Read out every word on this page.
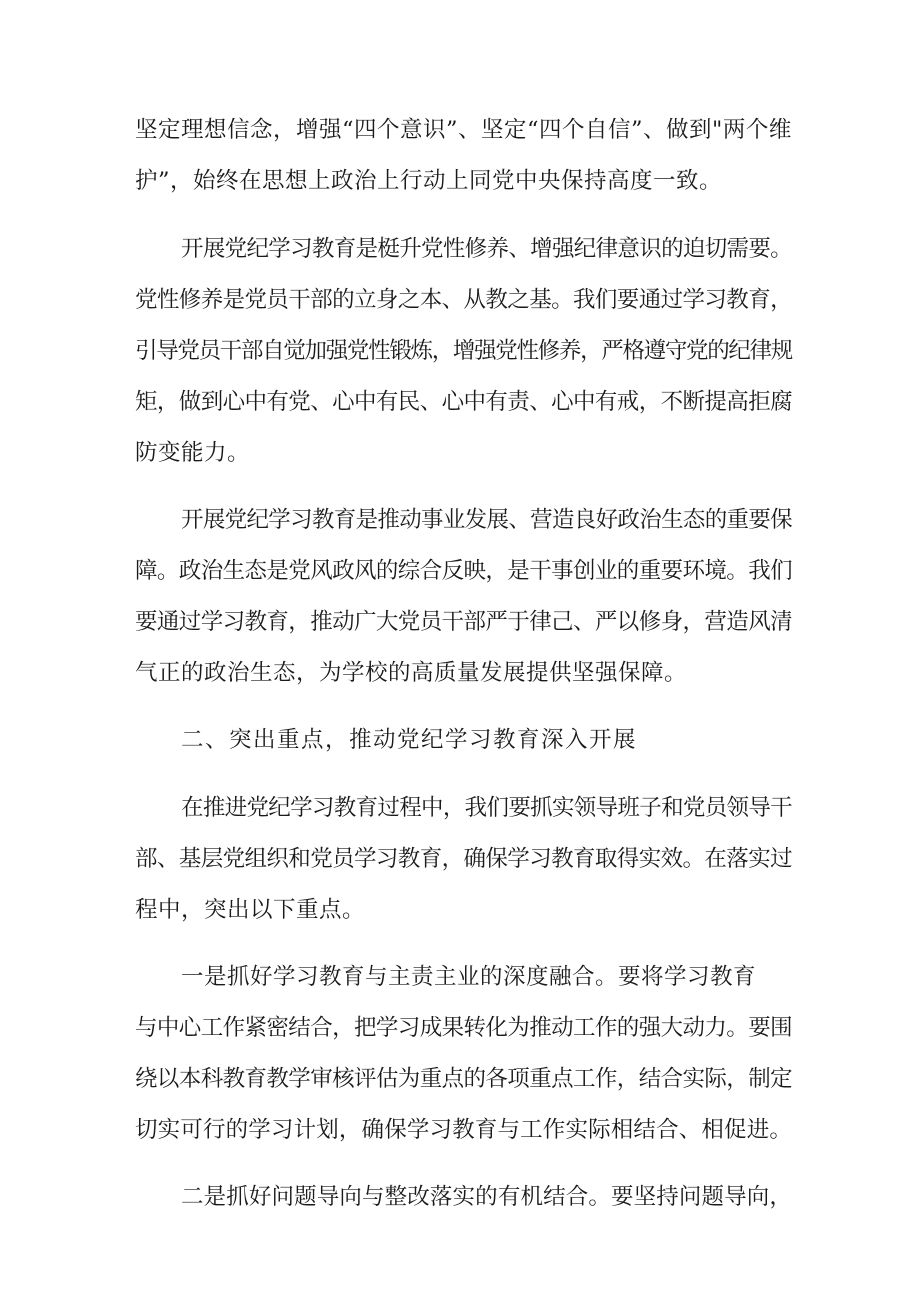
坚定理想信念，增强“四个意识”、坚定“四个自信”、做到"两个维
护”，始终在思想上政治上行动上同党中央保持高度一致。
开展党纪学习教育是梃升党性修养、增强纪律意识的迫切需要。
党性修养是党员干部的立身之本、从教之基。我们要通过学习教育，
引导党员干部自觉加强党性锻炼，增强党性修养，严格遵守党的纪律规
矩，做到心中有党、心中有民、心中有责、心中有戒，不断提高拒腐
防变能力。
开展党纪学习教育是推动事业发展、营造良好政治生态的重要保
障。政治生态是党风政风的综合反映，是干事创业的重要环境。我们
要通过学习教育，推动广大党员干部严于律己、严以修身，营造风清
气正的政治生态，为学校的高质量发展提供坚强保障。
二、突出重点，推动党纪学习教育深入开展
在推进党纪学习教育过程中，我们要抓实领导班子和党员领导干
部、基层党组织和党员学习教育，确保学习教育取得实效。在落实过
程中，突出以下重点。
一是抓好学习教育与主责主业的深度融合。要将学习教育
与中心工作紧密结合，把学习成果转化为推动工作的强大动力。要围
绕以本科教育教学审核评估为重点的各项重点工作，结合实际，制定
切实可行的学习计划，确保学习教育与工作实际相结合、相促进。
二是抓好问题导向与整改落实的有机结合。要坚持问题导向，
